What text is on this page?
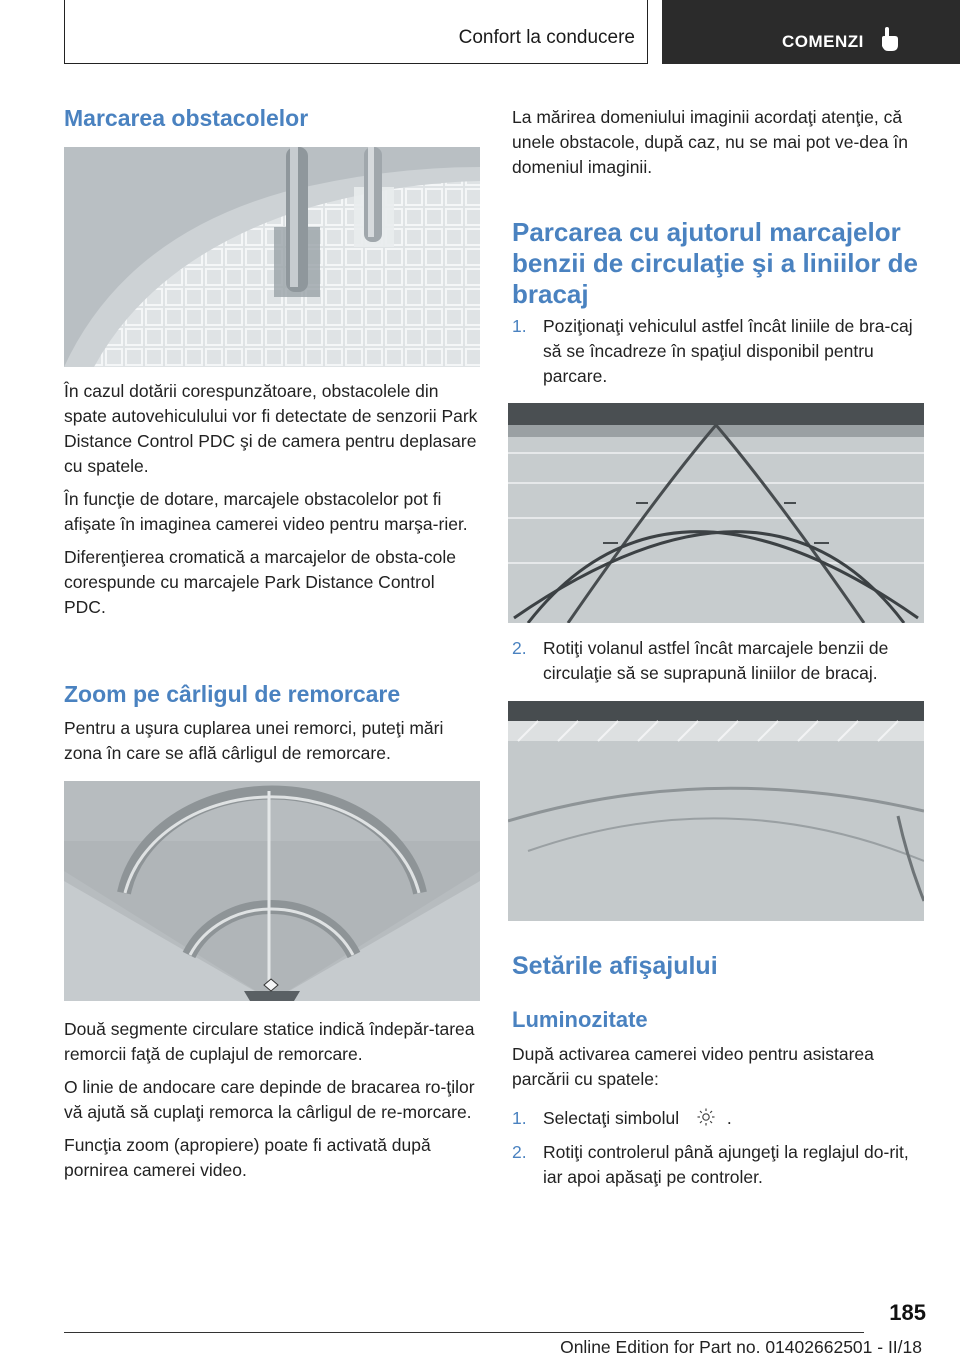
Confort la conducere	COMENZI
Marcarea obstacolelor

În cazul dotării corespunzătoare, obstacolele din spate autovehiculului vor fi detectate de senzorii Park Distance Control PDC şi de camera pentru deplasare cu spatele.

În funcţie de dotare, marcajele obstacolelor pot fi afişate în imaginea camerei video pentru marşa‐rier.

Diferenţierea cromatică a marcajelor de obsta‐cole corespunde cu marcajele Park Distance Control PDC.

Zoom pe cârligul de remorcare

Pentru a uşura cuplarea unei remorci, puteţi mări zona în care se află cârligul de remorcare.

Două segmente circulare statice indică îndepăr‐tarea remorcii faţă de cuplajul de remorcare.

O linie de andocare care depinde de bracarea ro‐ţilor vă ajută să cuplaţi remorca la cârligul de re‐morcare.

Funcţia zoom (apropiere) poate fi activată după pornirea camerei video.

La mărirea domeniului imaginii acordaţi atenţie, că unele obstacole, după caz, nu se mai pot ve‐dea în domeniul imaginii.

Parcarea cu ajutorul marcajelor
benzii de circulaţie şi a liniilor de
bracaj
1. Poziţionaţi vehiculul astfel încât liniile de bra‐caj să se încadreze în spaţiul disponibil pentru parcare.
2. Rotiţi volanul astfel încât marcajele benzii de circulaţie să se suprapună liniilor de bracaj.
Setările afişajului
Luminozitate

După activarea camerei video pentru asistarea parcării cu spatele:

1. Selectaţi simbolul	.
2. Rotiţi controlerul până ajungeţi la reglajul do‐rit, iar apoi apăsaţi pe controler.
185
Online Edition for Part no. 01402662501 - II/18
